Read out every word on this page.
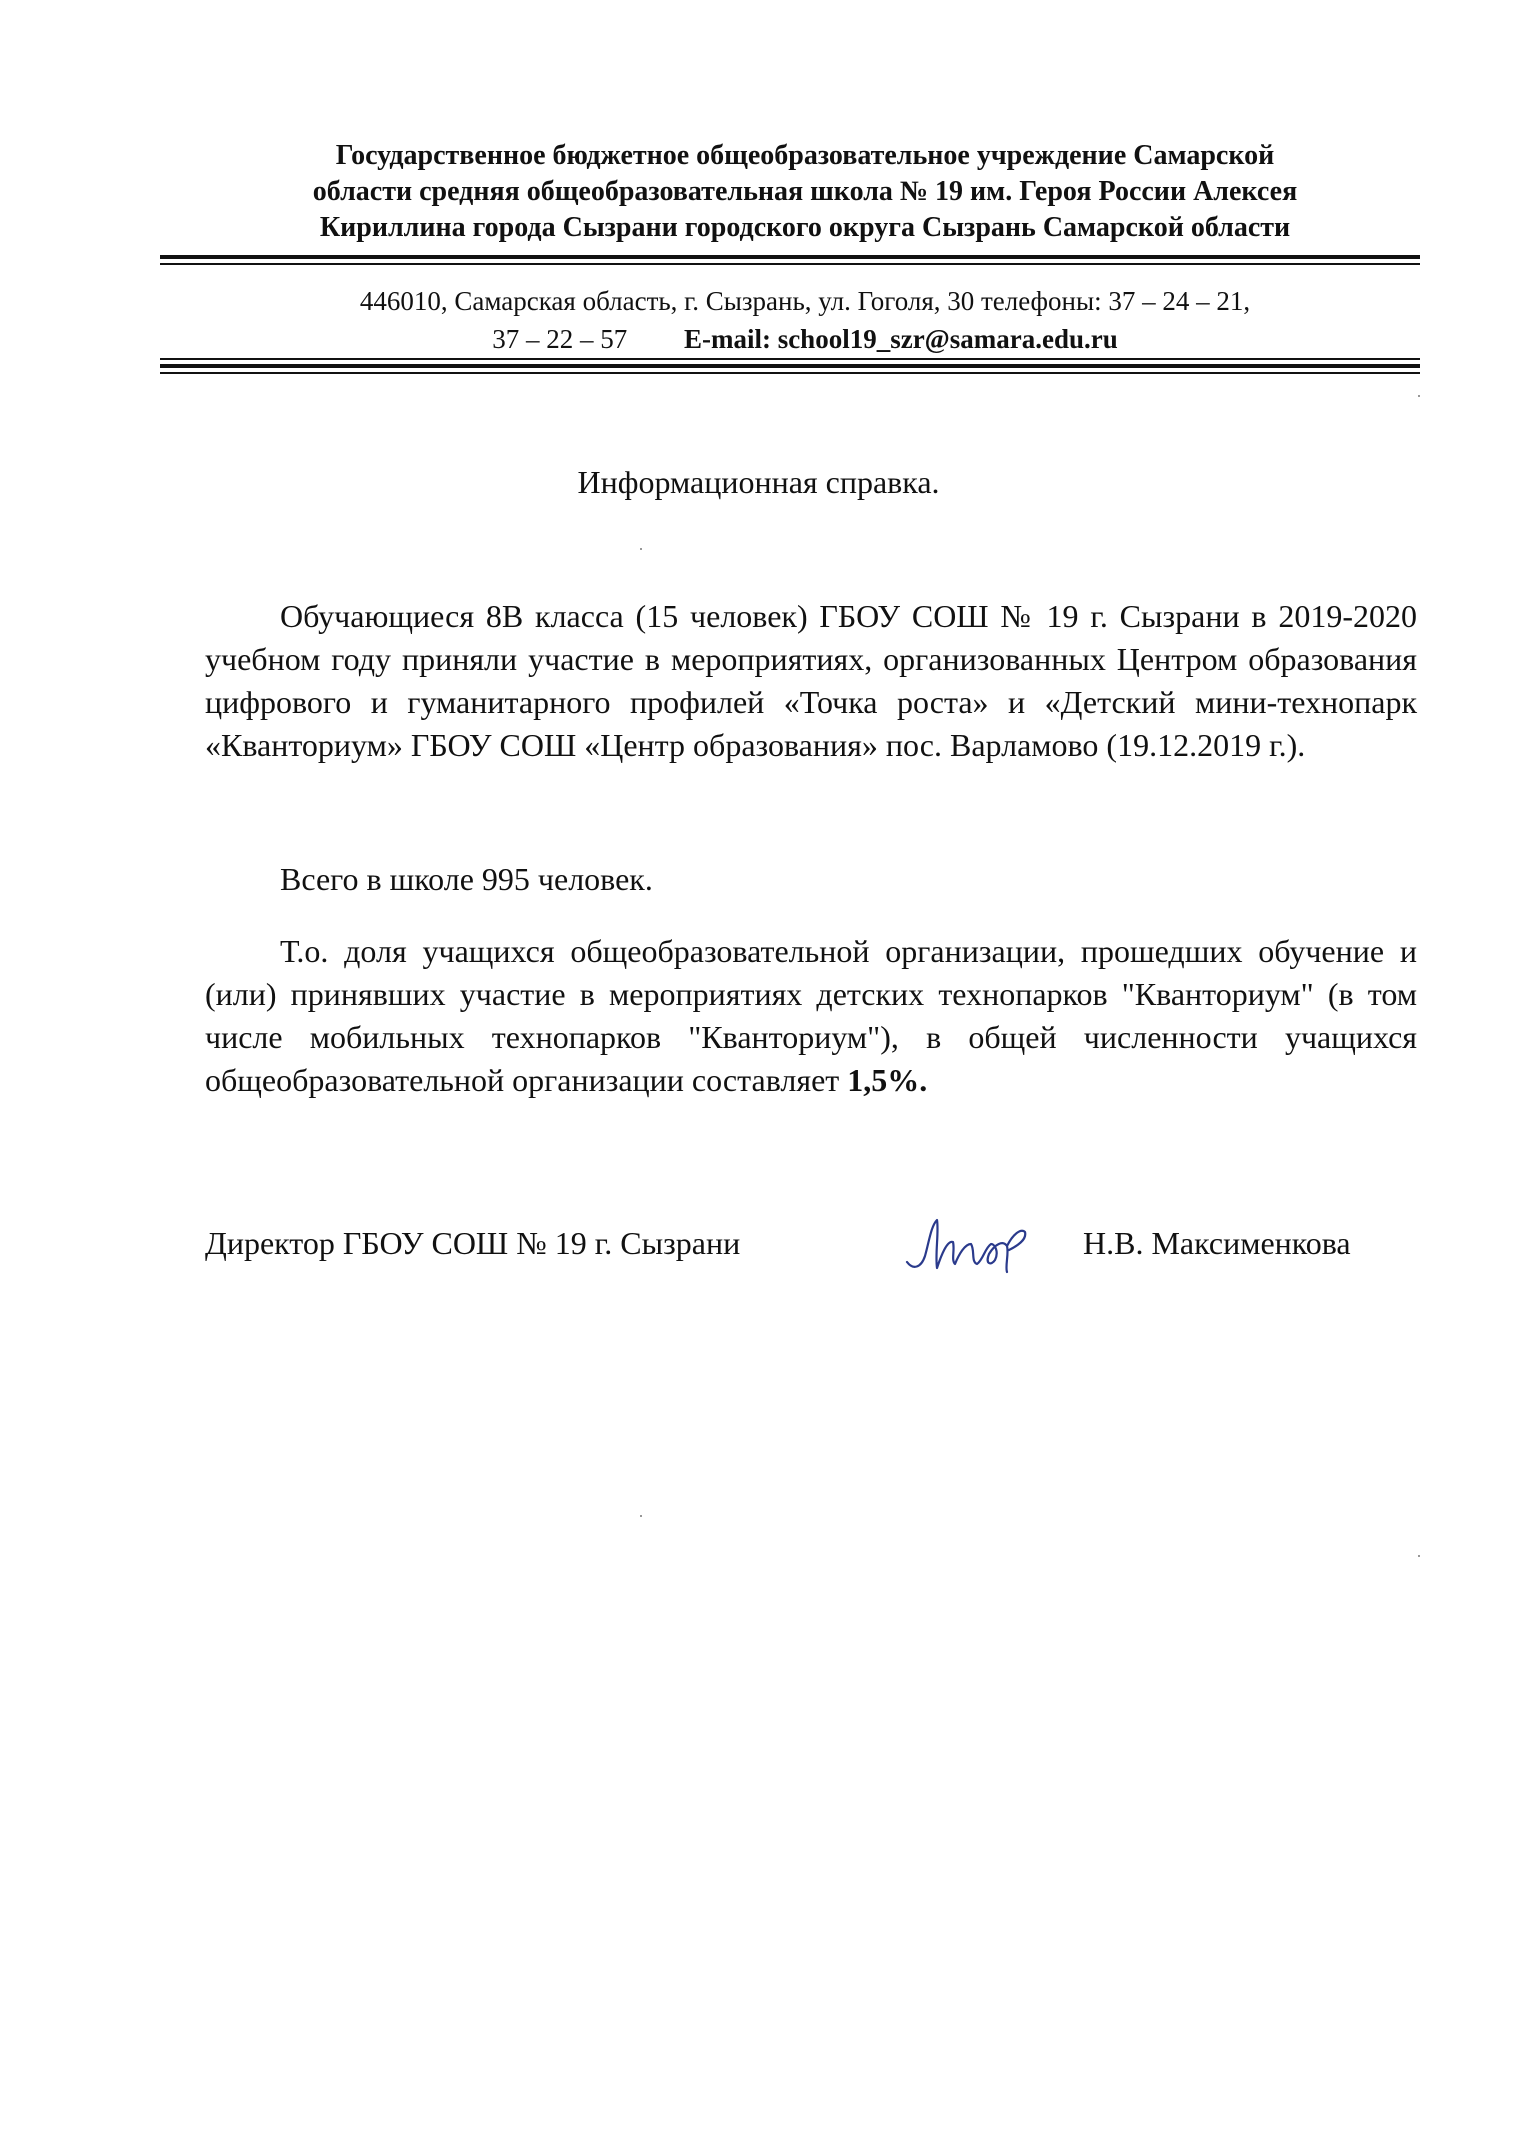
Государственное бюджетное общеобразовательное учреждение Самарской
области средняя общеобразовательная школа № 19 им. Героя России Алексея
Кириллина города Сызрани городского округа Сызрань Самарской области
446010, Самарская область, г. Сызрань, ул. Гоголя, 30 телефоны: 37 – 24 – 21,
37 – 22 – 57 E-mail: school19_szr@samara.edu.ru
Информационная справка.
Обучающиеся 8В класса (15 человек) ГБОУ СОШ № 19 г. Сызрани в 2019-2020 учебном году приняли участие в мероприятиях, организованных Центром образования цифрового и гуманитарного профилей «Точка роста» и «Детский мини-технопарк «Кванториум» ГБОУ СОШ «Центр образования» пос. Варламово (19.12.2019 г.).
Всего в школе 995 человек.
Т.о. доля учащихся общеобразовательной организации, прошедших обучение и (или) принявших участие в мероприятиях детских технопарков "Кванториум" (в том числе мобильных технопарков "Кванториум"), в общей численности учащихся общеобразовательной организации составляет 1,5%.
Директор ГБОУ СОШ № 19 г. Сызрани	Н.В. Максименкова
